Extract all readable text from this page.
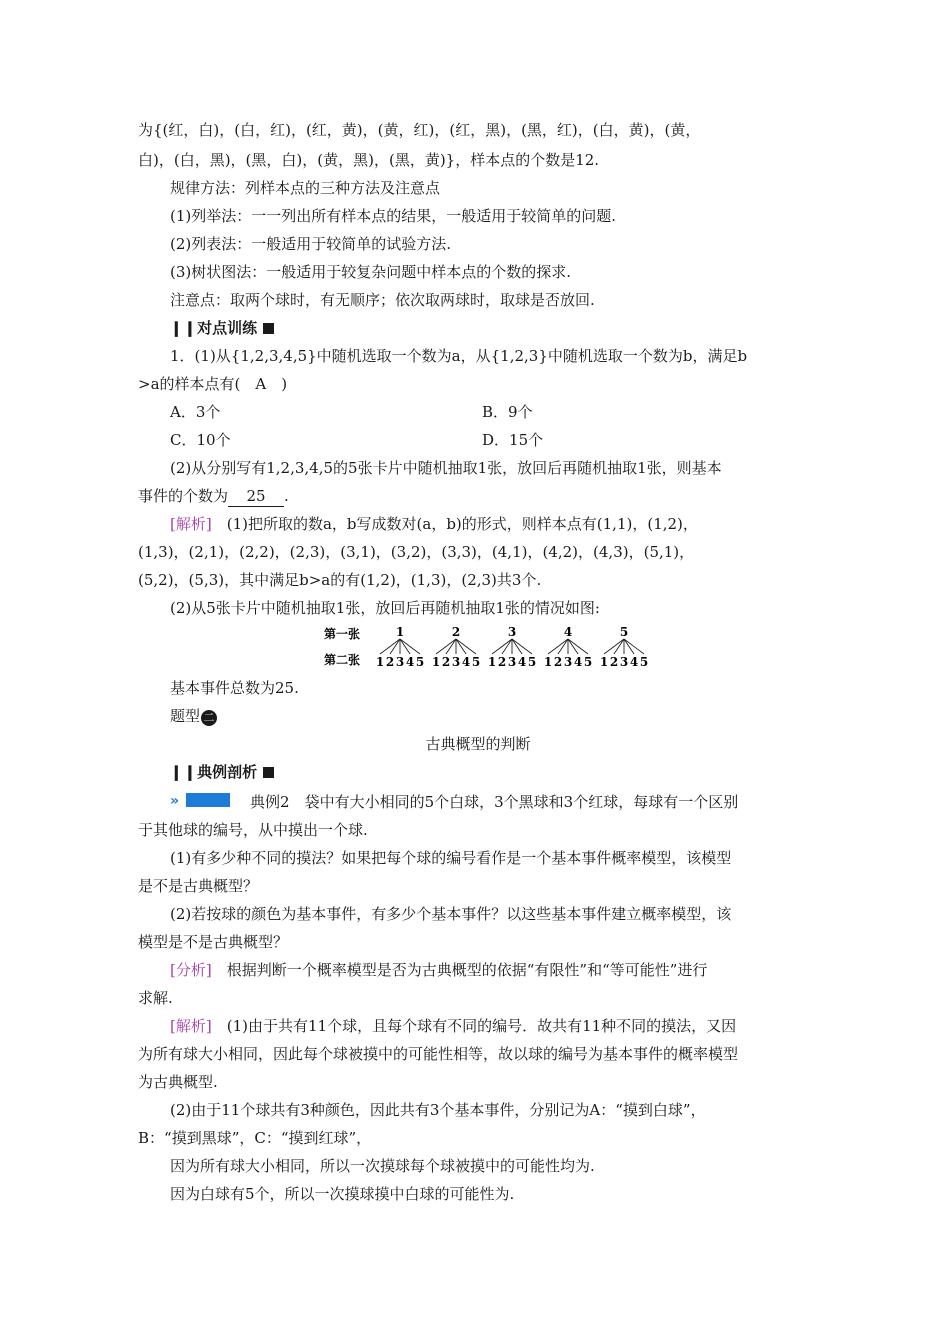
为{(红，白)，(白，红)，(红，黄)，(黄，红)，(红，黑)，(黑，红)，(白，黄)，(黄，
白)，(白，黑)，(黑，白)，(黄，黑)，(黑，黄)}，样本点的个数是12.
规律方法：列样本点的三种方法及注意点
(1)列举法：一一列出所有样本点的结果，一般适用于较简单的问题.
(2)列表法：一般适用于较简单的试验方法.
(3)树状图法：一般适用于较复杂问题中样本点的个数的探求.
注意点：取两个球时，有无顺序；依次取两球时，取球是否放回.
❙❙对点训练
1．(1)从{1,2,3,4,5}中随机选取一个数为a，从{1,2,3}中随机选取一个数为b，满足b
>a的样本点有(　A　)
A．3个	B．9个
C．10个	D．15个
(2)从分别写有1,2,3,4,5的5张卡片中随机抽取1张，放回后再随机抽取1张，则基本
事件的个数为 25 .
[解析]　 (1)把所取的数a，b写成数对(a，b)的形式，则样本点有(1,1)，(1,2)，
(1,3)，(2,1)，(2,2)，(2,3)，(3,1)，(3,2)，(3,3)，(4,1)，(4,2)，(4,3)，(5,1)，
(5,2)，(5,3)，其中满足b>a的有(1,2)，(1,3)，(2,3)共3个.
(2)从5张卡片中随机抽取1张，放回后再随机抽取1张的情况如图:
第一张
第二张
1
1 2 3 4 5
2
1 2 3 4 5
3
1 2 3 4 5
4
1 2 3 4 5
5
1 2 3 4 5
基本事件总数为25.
题型 二
古典概型的判断
❙❙典例剖析
»	典例2　 袋中有大小相同的5个白球，3个黑球和3个红球，每球有一个区别
于其他球的编号，从中摸出一个球.
(1)有多少种不同的摸法？如果把每个球的编号看作是一个基本事件概率模型，该模型
是不是古典概型？
(2)若按球的颜色为基本事件，有多少个基本事件？以这些基本事件建立概率模型，该
模型是不是古典概型？
[分析]　 根据判断一个概率模型是否为古典概型的依据“有限性”和“等可能性”进行
求解.
[解析]　 (1)由于共有11个球，且每个球有不同的编号．故共有11种不同的摸法，又因
为所有球大小相同，因此每个球被摸中的可能性相等，故以球的编号为基本事件的概率模型
为古典概型.
(2)由于11个球共有3种颜色，因此共有3个基本事件，分别记为A：“摸到白球”，
B：“摸到黑球”，C：“摸到红球”，
因为所有球大小相同，所以一次摸球每个球被摸中的可能性均为.
因为白球有5个，所以一次摸球摸中白球的可能性为.
